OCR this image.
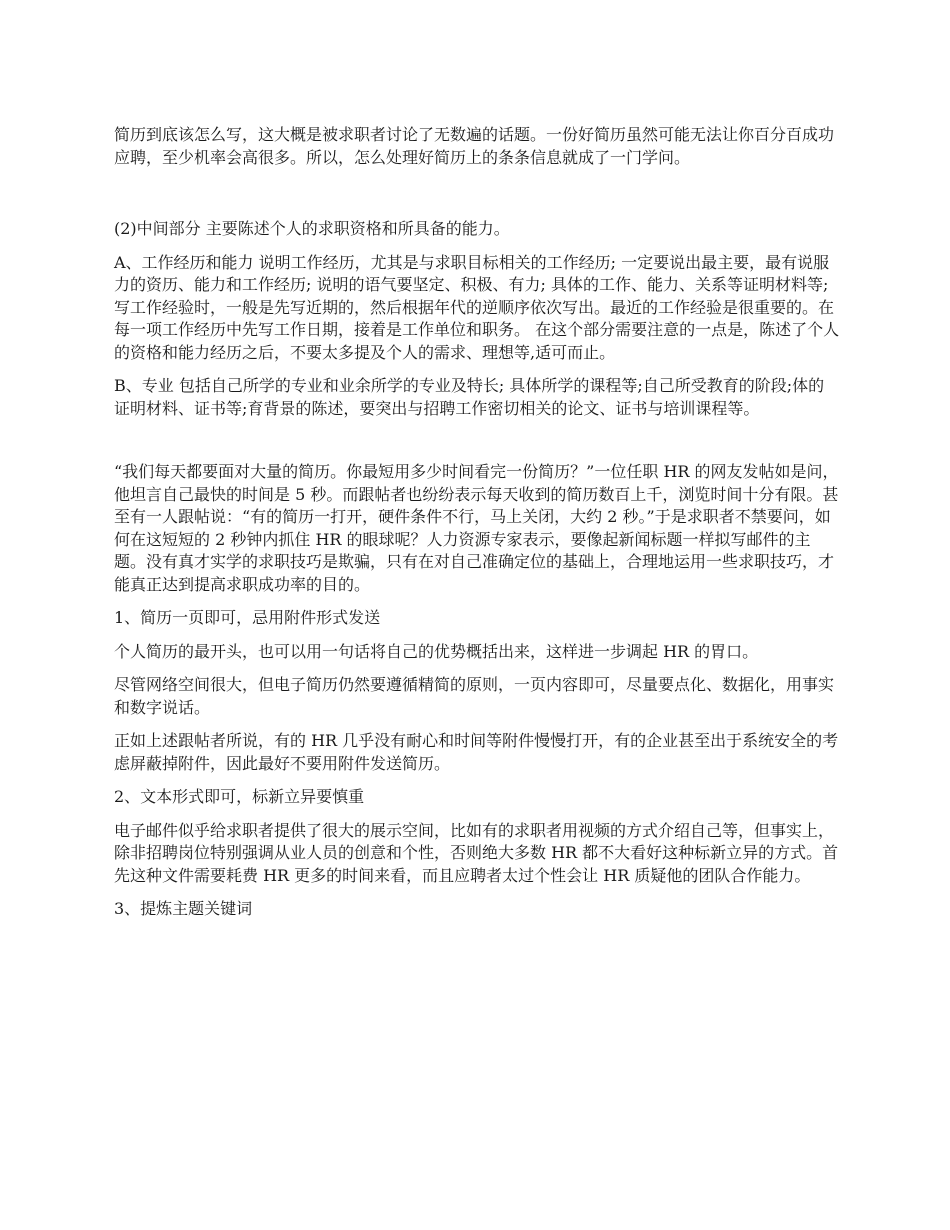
简历到底该怎么写，这大概是被求职者讨论了无数遍的话题。一份好简历虽然可能无法让你百分百成功应聘，至少机率会高很多。所以，怎么处理好简历上的条条信息就成了一门学问。

(2)中间部分 主要陈述个人的求职资格和所具备的能力。

A、工作经历和能力 说明工作经历，尤其是与求职目标相关的工作经历; 一定要说出最主要，最有说服力的资历、能力和工作经历; 说明的语气要坚定、积极、有力; 具体的工作、能力、关系等证明材料等; 写工作经验时，一般是先写近期的，然后根据年代的逆顺序依次写出。最近的工作经验是很重要的。在每一项工作经历中先写工作日期，接着是工作单位和职务。 在这个部分需要注意的一点是，陈述了个人的资格和能力经历之后，不要太多提及个人的需求、理想等,适可而止。

B、专业 包括自己所学的专业和业余所学的专业及特长; 具体所学的课程等;自己所受教育的阶段;体的证明材料、证书等;育背景的陈述，要突出与招聘工作密切相关的论文、证书与培训课程等。

“我们每天都要面对大量的简历。你最短用多少时间看完一份简历？”一位任职 HR 的网友发帖如是问，他坦言自己最快的时间是 5 秒。而跟帖者也纷纷表示每天收到的简历数百上千，浏览时间十分有限。甚至有一人跟帖说：“有的简历一打开，硬件条件不行，马上关闭，大约 2 秒。”于是求职者不禁要问，如何在这短短的 2 秒钟内抓住 HR 的眼球呢？人力资源专家表示，要像起新闻标题一样拟写邮件的主题。没有真才实学的求职技巧是欺骗，只有在对自己准确定位的基础上，合理地运用一些求职技巧，才能真正达到提高求职成功率的目的。

1、简历一页即可，忌用附件形式发送

个人简历的最开头，也可以用一句话将自己的优势概括出来，这样进一步调起 HR 的胃口。

尽管网络空间很大，但电子简历仍然要遵循精简的原则，一页内容即可，尽量要点化、数据化，用事实和数字说话。

正如上述跟帖者所说，有的 HR 几乎没有耐心和时间等附件慢慢打开，有的企业甚至出于系统安全的考虑屏蔽掉附件，因此最好不要用附件发送简历。

2、文本形式即可，标新立异要慎重

电子邮件似乎给求职者提供了很大的展示空间，比如有的求职者用视频的方式介绍自己等，但事实上，除非招聘岗位特别强调从业人员的创意和个性，否则绝大多数 HR 都不大看好这种标新立异的方式。首先这种文件需要耗费 HR 更多的时间来看，而且应聘者太过个性会让 HR 质疑他的团队合作能力。

3、提炼主题关键词
